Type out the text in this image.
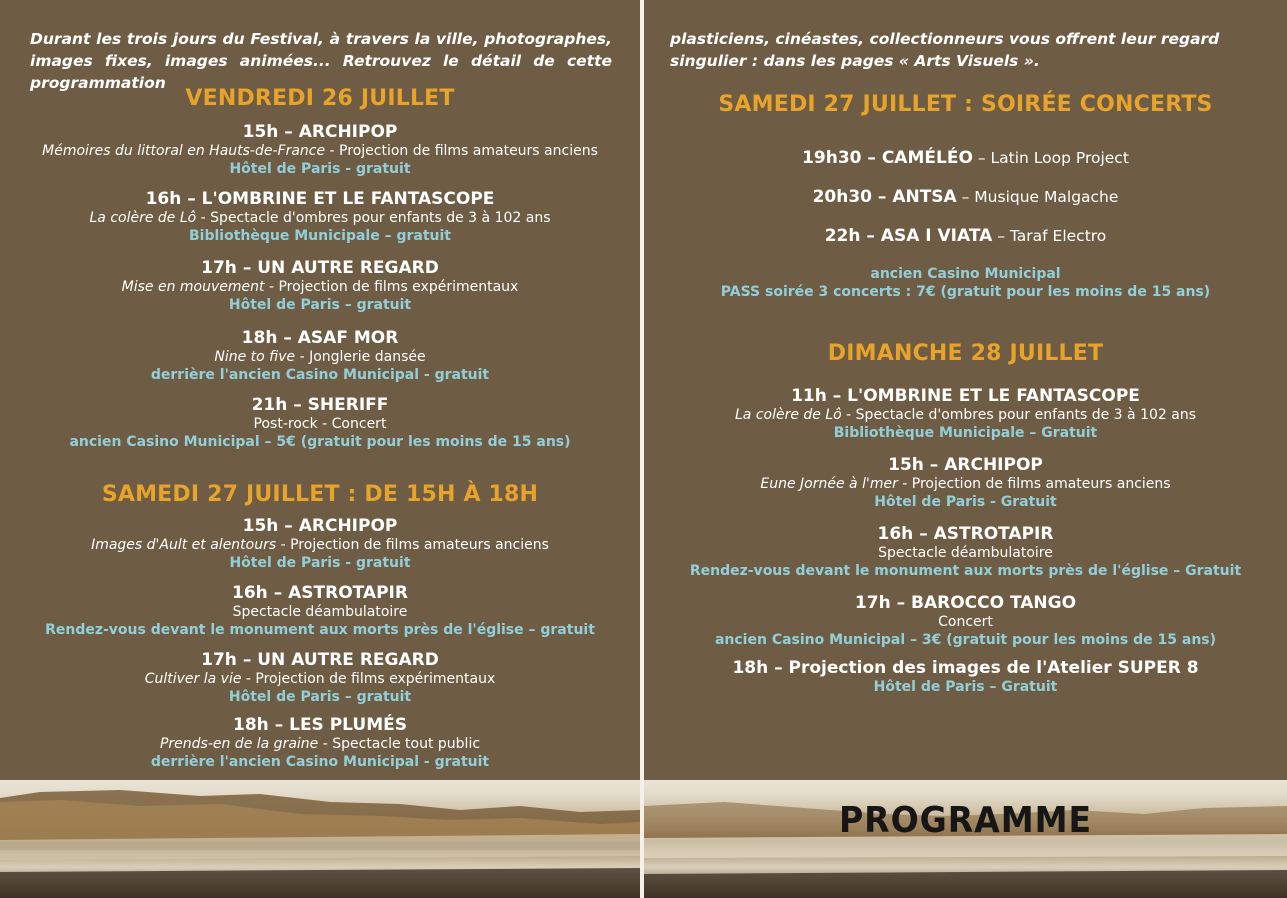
Durant les trois jours du Festival, à travers la ville, photographes, images fixes, images animées... Retrouvez le détail de cette programmation
VENDREDI 26 JUILLET
15h – ARCHIPOP
Mémoires du littoral en Hauts-de-France - Projection de films amateurs anciens
Hôtel de Paris - gratuit
16h – L'OMBRINE ET LE FANTASCOPE
La colère de Lô - Spectacle d'ombres pour enfants de 3 à 102 ans
Bibliothèque Municipale – gratuit
17h – UN AUTRE REGARD
Mise en mouvement - Projection de films expérimentaux
Hôtel de Paris – gratuit
18h – ASAF MOR
Nine to five - Jonglerie dansée
derrière l'ancien Casino Municipal - gratuit
21h – SHERIFF
Post-rock - Concert
ancien Casino Municipal – 5€ (gratuit pour les moins de 15 ans)
SAMEDI 27 JUILLET : DE 15H À 18H
15h – ARCHIPOP
Images d'Ault et alentours - Projection de films amateurs anciens
Hôtel de Paris - gratuit
16h – ASTROTAPIR
Spectacle déambulatoire
Rendez-vous devant le monument aux morts près de l'église – gratuit
17h – UN AUTRE REGARD
Cultiver la vie - Projection de films expérimentaux
Hôtel de Paris – gratuit
18h – LES PLUMÉS
Prends-en de la graine - Spectacle tout public
derrière l'ancien Casino Municipal - gratuit
plasticiens, cinéastes, collectionneurs vous offrent leur regard singulier : dans les pages « Arts Visuels ».
SAMEDI 27 JUILLET : SOIRÉE CONCERTS
19h30 – CAMÉLÉO – Latin Loop Project
20h30 – ANTSA – Musique Malgache
22h – ASA I VIATA – Taraf Electro
ancien Casino Municipal
PASS soirée 3 concerts : 7€ (gratuit pour les moins de 15 ans)
DIMANCHE 28 JUILLET
11h – L'OMBRINE ET LE FANTASCOPE
La colère de Lô - Spectacle d'ombres pour enfants de 3 à 102 ans
Bibliothèque Municipale – Gratuit
15h – ARCHIPOP
Eune Jornée à l'mer - Projection de films amateurs anciens
Hôtel de Paris - Gratuit
16h – ASTROTAPIR
Spectacle déambulatoire
Rendez-vous devant le monument aux morts près de l'église – Gratuit
17h – BAROCCO TANGO
Concert
ancien Casino Municipal – 3€ (gratuit pour les moins de 15 ans)
18h – Projection des images de l'Atelier SUPER 8
Hôtel de Paris – Gratuit
PROGRAMME
